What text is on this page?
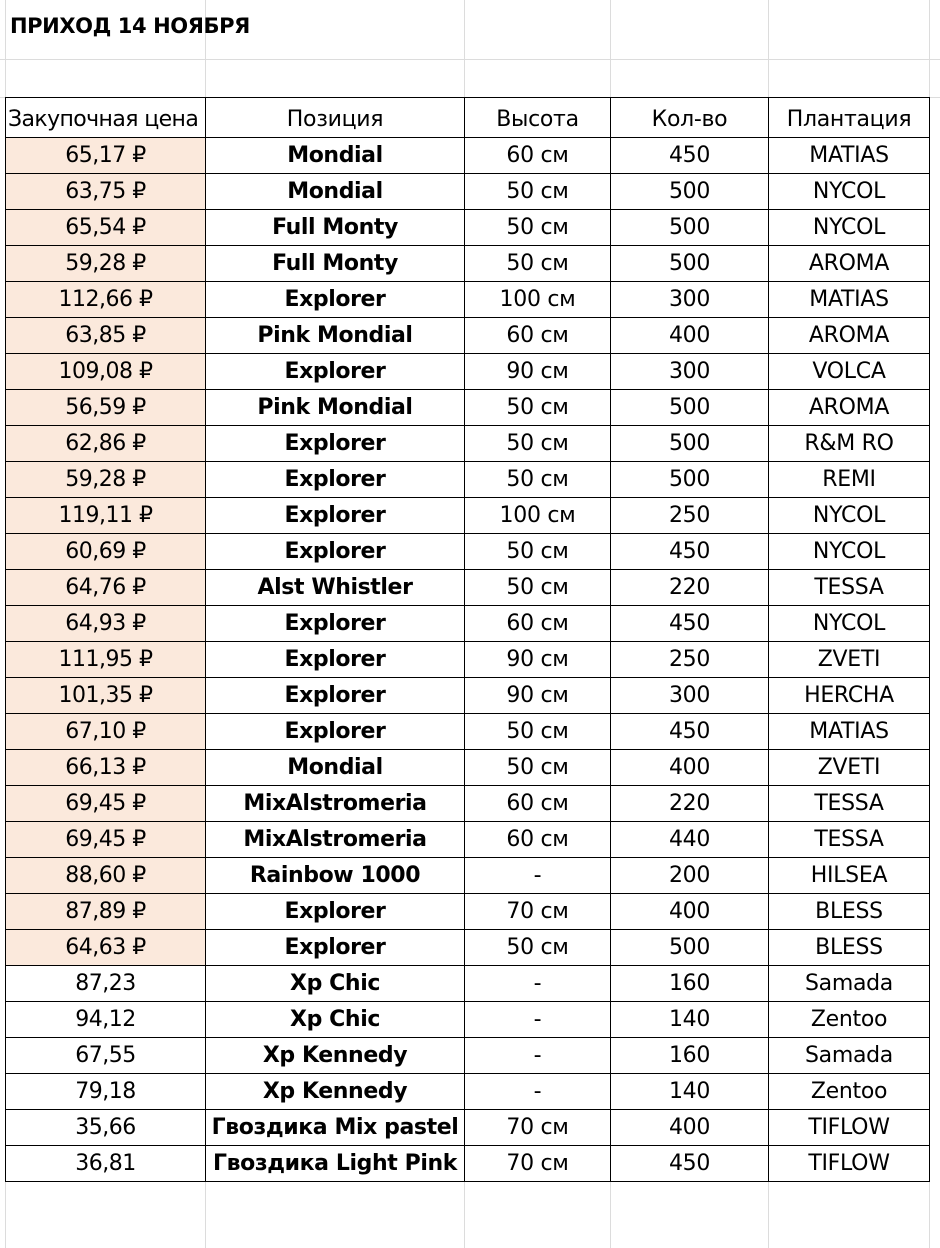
ПРИХОД 14 НОЯБРЯ
Закупочная цена	Позиция	Высота	Кол-во	Плантация
65,17 ₽	Mondial	60 см	450	MATIAS
63,75 ₽	Mondial	50 см	500	NYCOL
65,54 ₽	Full Monty	50 см	500	NYCOL
59,28 ₽	Full Monty	50 см	500	AROMA
112,66 ₽	Explorer	100 см	300	MATIAS
63,85 ₽	Pink Mondial	60 см	400	AROMA
109,08 ₽	Explorer	90 см	300	VOLCA
56,59 ₽	Pink Mondial	50 см	500	AROMA
62,86 ₽	Explorer	50 см	500	R&M RO
59,28 ₽	Explorer	50 см	500	REMI
119,11 ₽	Explorer	100 см	250	NYCOL
60,69 ₽	Explorer	50 см	450	NYCOL
64,76 ₽	Alst Whistler	50 см	220	TESSA
64,93 ₽	Explorer	60 см	450	NYCOL
111,95 ₽	Explorer	90 см	250	ZVETI
101,35 ₽	Explorer	90 см	300	HERCHA
67,10 ₽	Explorer	50 см	450	MATIAS
66,13 ₽	Mondial	50 см	400	ZVETI
69,45 ₽	MixAlstromeria	60 см	220	TESSA
69,45 ₽	MixAlstromeria	60 см	440	TESSA
88,60 ₽	Rainbow 1000	-	200	HILSEA
87,89 ₽	Explorer	70 см	400	BLESS
64,63 ₽	Explorer	50 см	500	BLESS
87,23	Xp Chic	-	160	Samada
94,12	Xp Chic	-	140	Zentoo
67,55	Xp Kennedy	-	160	Samada
79,18	Xp Kennedy	-	140	Zentoo
35,66	Гвоздика Mix pastel	70 см	400	TIFLOW
36,81	Гвоздика Light Pink	70 см	450	TIFLOW
